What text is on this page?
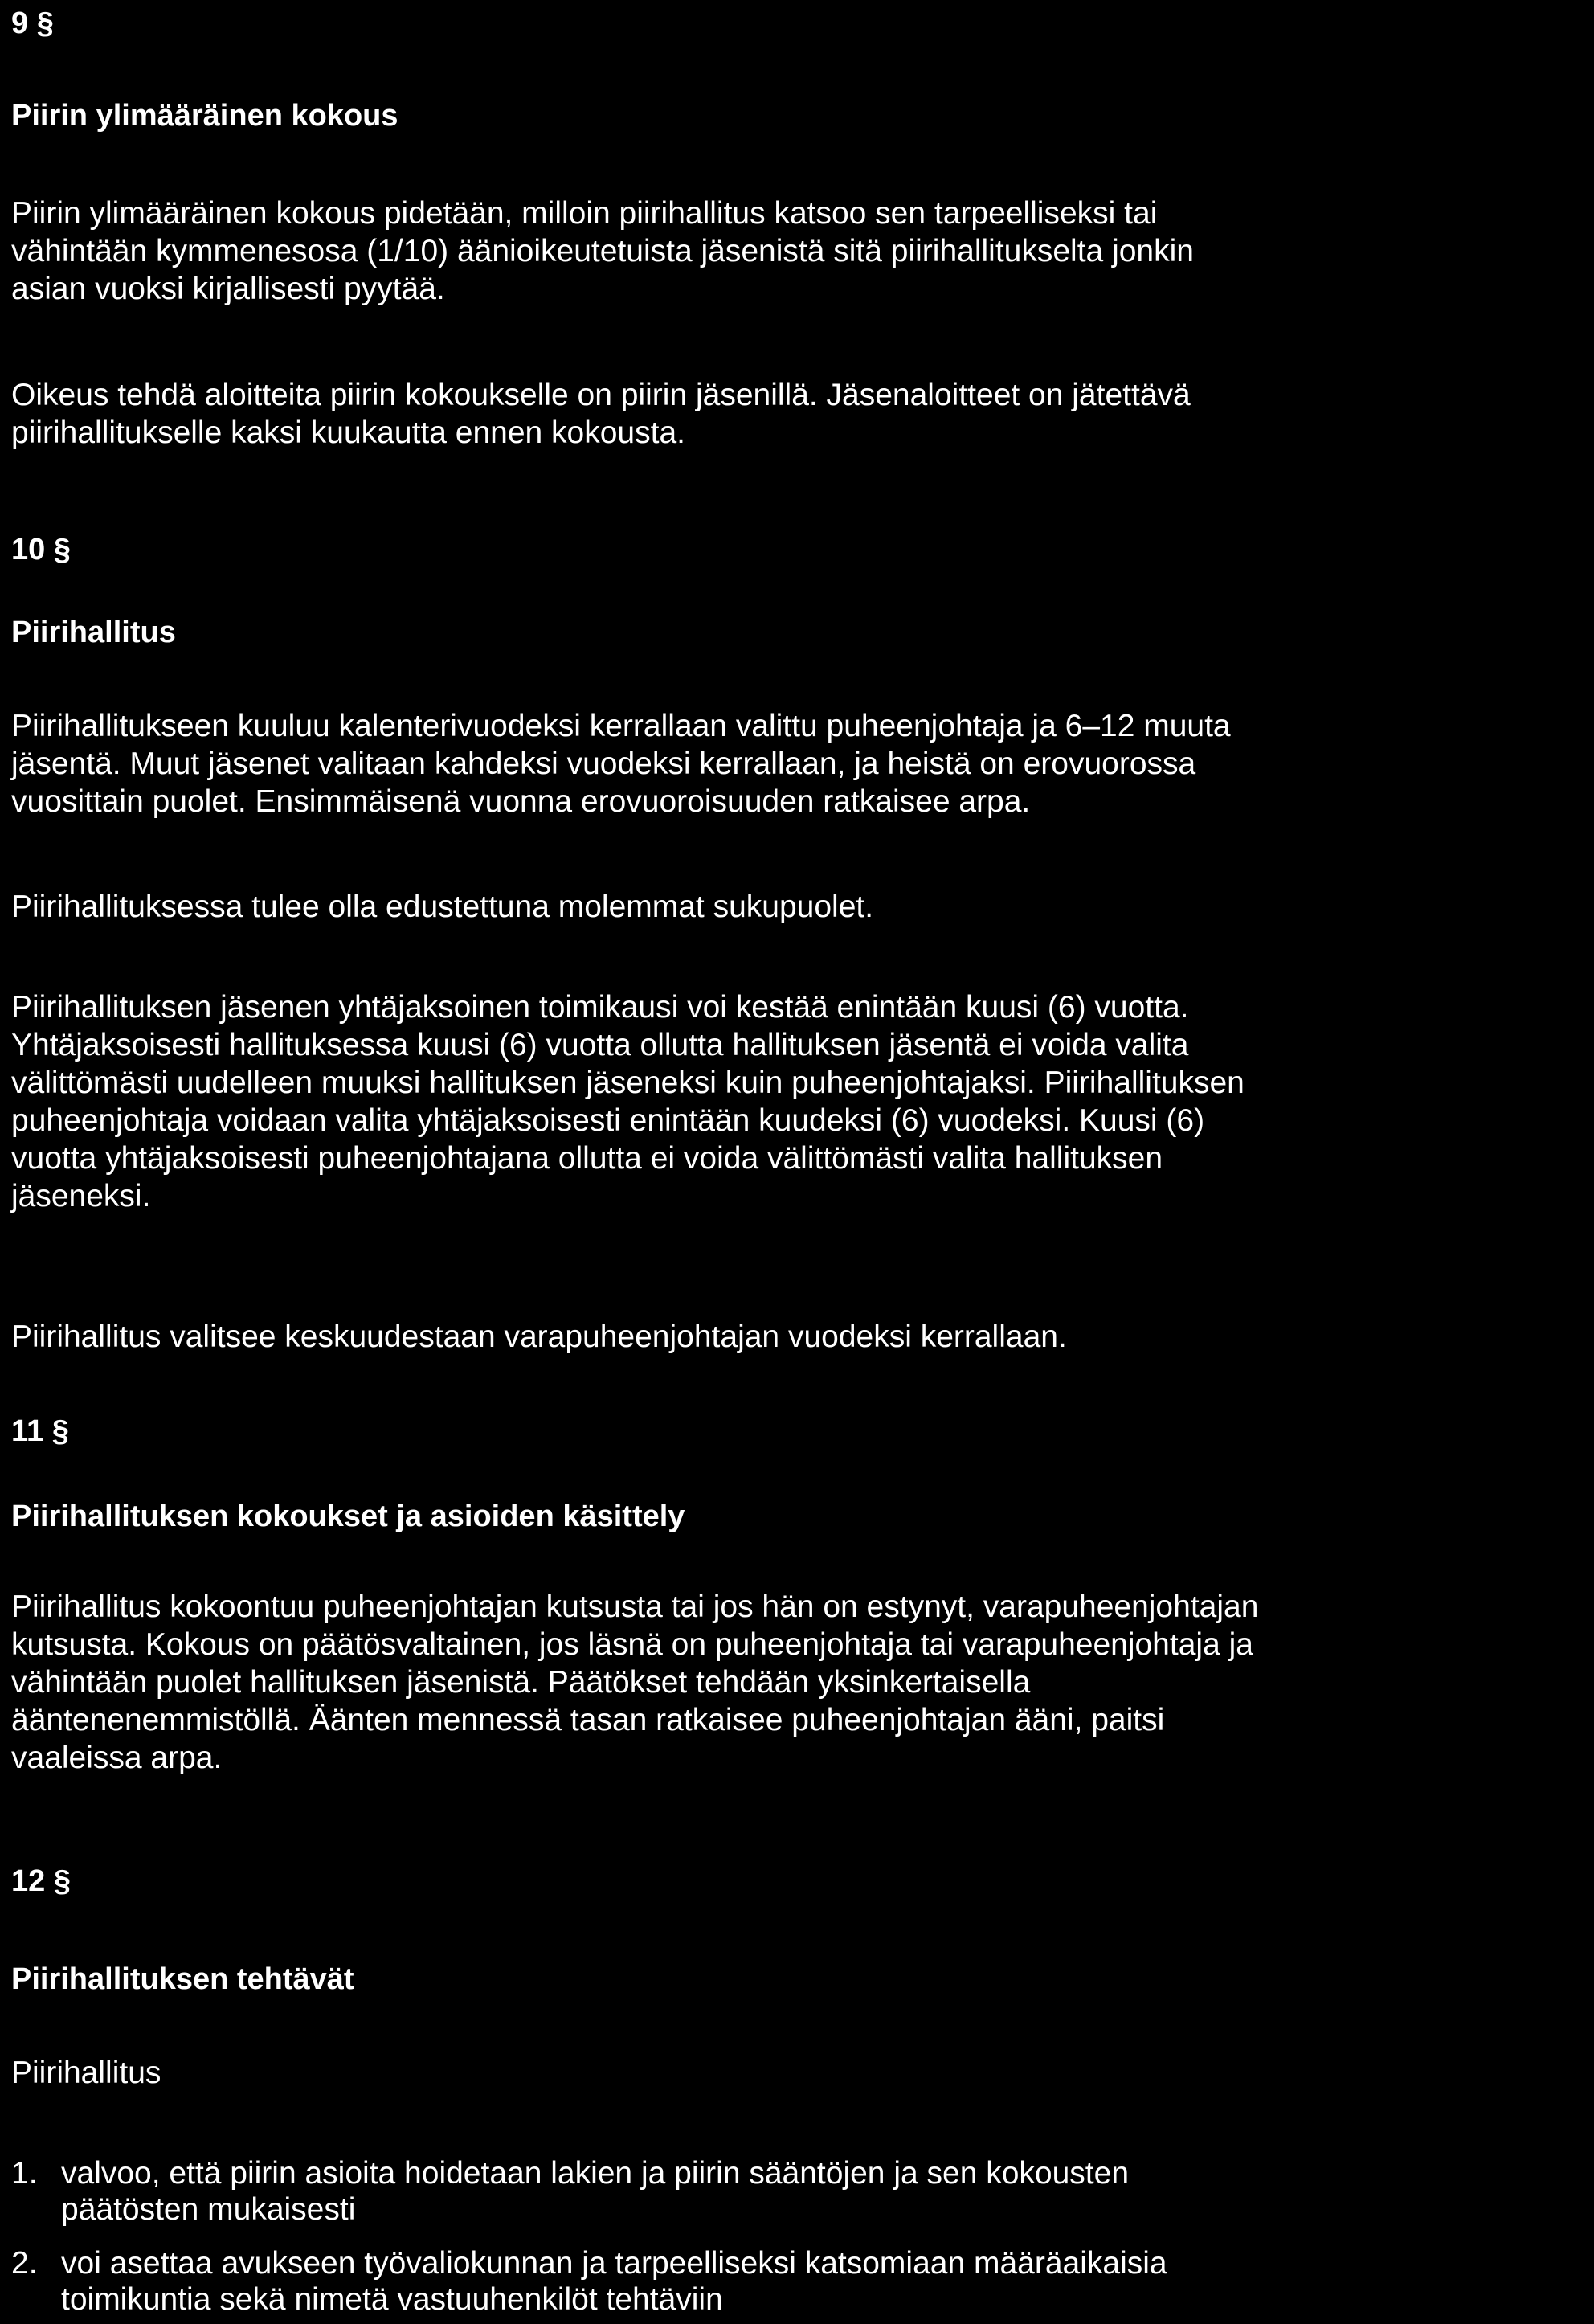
9 §
Piirin ylimääräinen kokous
Piirin ylimääräinen kokous pidetään, milloin piirihallitus katsoo sen tarpeelliseksi tai
vähintään kymmenesosa (1/10) äänioikeutetuista jäsenistä sitä piirihallitukselta jonkin
asian vuoksi kirjallisesti pyytää.
Oikeus tehdä aloitteita piirin kokoukselle on piirin jäsenillä. Jäsenaloitteet on jätettävä
piirihallitukselle kaksi kuukautta ennen kokousta.
10 §
Piirihallitus
Piirihallitukseen kuuluu kalenterivuodeksi kerrallaan valittu puheenjohtaja ja 6–12 muuta
jäsentä. Muut jäsenet valitaan kahdeksi vuodeksi kerrallaan, ja heistä on erovuorossa
vuosittain puolet. Ensimmäisenä vuonna erovuoroisuuden ratkaisee arpa.
Piirihallituksessa tulee olla edustettuna molemmat sukupuolet.
Piirihallituksen jäsenen yhtäjaksoinen toimikausi voi kestää enintään kuusi (6) vuotta.
Yhtäjaksoisesti hallituksessa kuusi (6) vuotta ollutta hallituksen jäsentä ei voida valita
välittömästi uudelleen muuksi hallituksen jäseneksi kuin puheenjohtajaksi. Piirihallituksen
puheenjohtaja voidaan valita yhtäjaksoisesti enintään kuudeksi (6) vuodeksi. Kuusi (6)
vuotta yhtäjaksoisesti puheenjohtajana ollutta ei voida välittömästi valita hallituksen
jäseneksi.
Piirihallitus valitsee keskuudestaan varapuheenjohtajan vuodeksi kerrallaan.
11 §
Piirihallituksen kokoukset ja asioiden käsittely
Piirihallitus kokoontuu puheenjohtajan kutsusta tai jos hän on estynyt, varapuheenjohtajan
kutsusta. Kokous on päätösvaltainen, jos läsnä on puheenjohtaja tai varapuheenjohtaja ja
vähintään puolet hallituksen jäsenistä. Päätökset tehdään yksinkertaisella
ääntenenemmistöllä. Äänten mennessä tasan ratkaisee puheenjohtajan ääni, paitsi
vaaleissa arpa.
12 §
Piirihallituksen tehtävät
Piirihallitus
1. valvoo, että piirin asioita hoidetaan lakien ja piirin sääntöjen ja sen kokousten
päätösten mukaisesti
2. voi asettaa avukseen työvaliokunnan ja tarpeelliseksi katsomiaan määräaikaisia
toimikuntia sekä nimetä vastuuhenkilöt tehtäviin
